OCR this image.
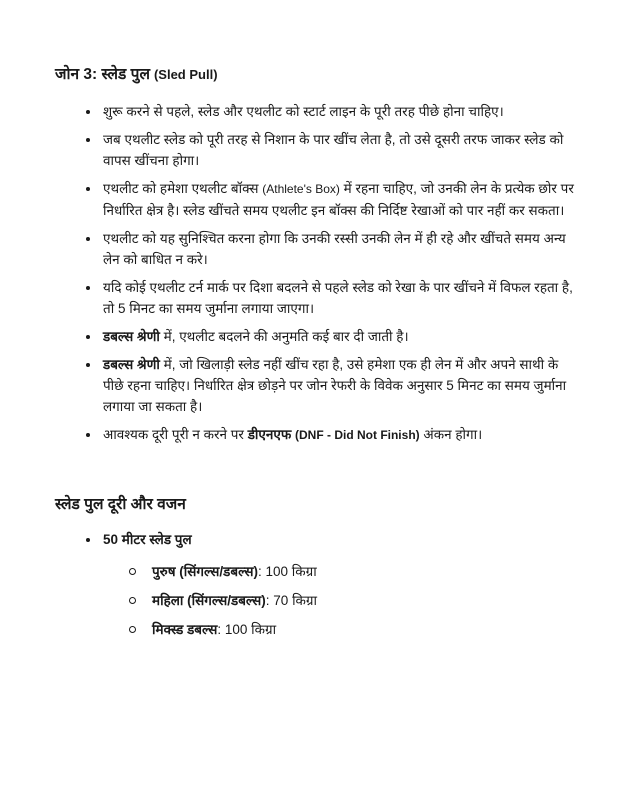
जोन 3: स्लेड पुल (Sled Pull)

शुरू करने से पहले, स्लेड और एथलीट को स्टार्ट लाइन के पूरी तरह पीछे होना चाहिए।

जब एथलीट स्लेड को पूरी तरह से निशान के पार खींच लेता है, तो उसे दूसरी तरफ जाकर स्लेड को वापस खींचना होगा।

एथलीट को हमेशा एथलीट बॉक्स (Athlete's Box) में रहना चाहिए, जो उनकी लेन के प्रत्येक छोर पर निर्धारित क्षेत्र है। स्लेड खींचते समय एथलीट इन बॉक्स की निर्दिष्ट रेखाओं को पार नहीं कर सकता।

एथलीट को यह सुनिश्चित करना होगा कि उनकी रस्सी उनकी लेन में ही रहे और खींचते समय अन्य लेन को बाधित न करे।

यदि कोई एथलीट टर्न मार्क पर दिशा बदलने से पहले स्लेड को रेखा के पार खींचने में विफल रहता है, तो 5 मिनट का समय जुर्माना लगाया जाएगा।

डबल्स श्रेणी में, एथलीट बदलने की अनुमति कई बार दी जाती है।

डबल्स श्रेणी में, जो खिलाड़ी स्लेड नहीं खींच रहा है, उसे हमेशा एक ही लेन में और अपने साथी के पीछे रहना चाहिए। निर्धारित क्षेत्र छोड़ने पर जोन रेफरी के विवेक अनुसार 5 मिनट का समय जुर्माना लगाया जा सकता है।

आवश्यक दूरी पूरी न करने पर डीएनएफ (DNF - Did Not Finish) अंकन होगा।

स्लेड पुल दूरी और वजन

50 मीटर स्लेड पुल

पुरुष (सिंगल्स/डबल्स): 100 किग्रा

महिला (सिंगल्स/डबल्स): 70 किग्रा

मिक्स्ड डबल्स: 100 किग्रा
